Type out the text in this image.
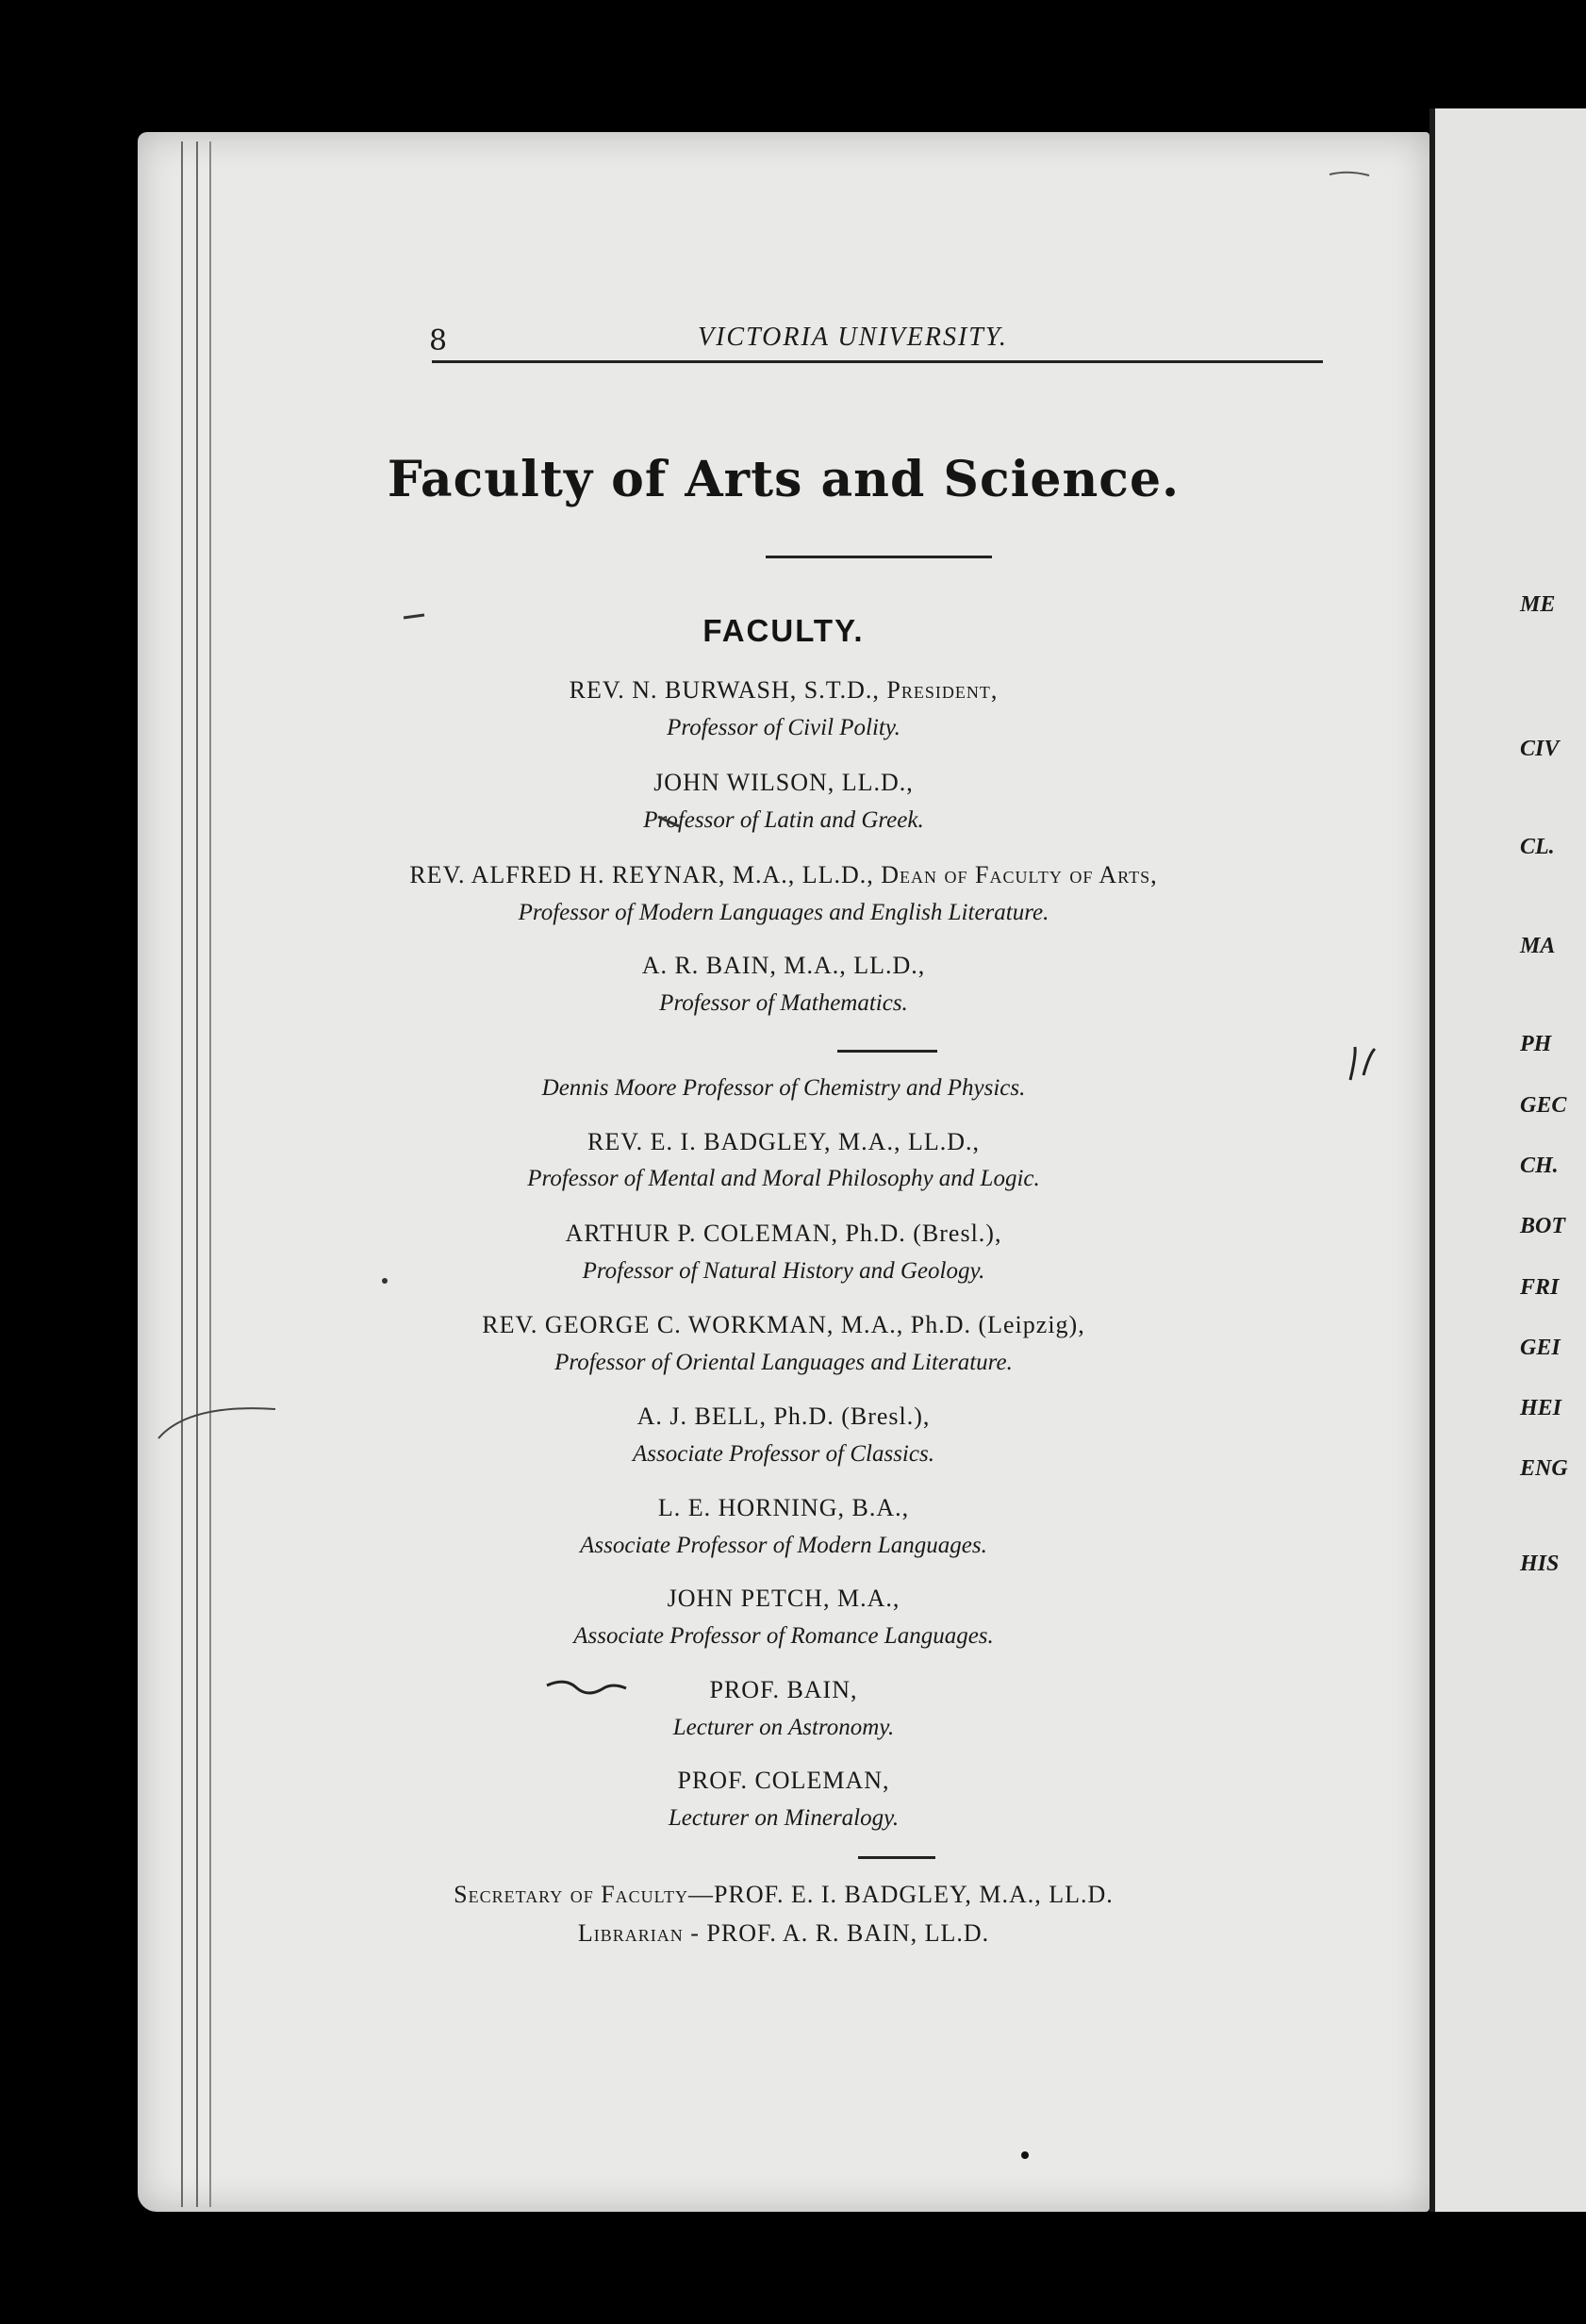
8	VICTORIA UNIVERSITY.
Faculty of Arts and Science.
FACULTY.
REV. N. BURWASH, S.T.D., President,
Professor of Civil Polity.
JOHN WILSON, LL.D.,
Professor of Latin and Greek.
REV. ALFRED H. REYNAR, M.A., LL.D., Dean of Faculty of Arts,
Professor of Modern Languages and English Literature.
A. R. BAIN, M.A., LL.D.,
Professor of Mathematics.
Dennis Moore Professor of Chemistry and Physics.
REV. E. I. BADGLEY, M.A., LL.D.,
Professor of Mental and Moral Philosophy and Logic.
ARTHUR P. COLEMAN, Ph.D. (Bresl.),
Professor of Natural History and Geology.
REV. GEORGE C. WORKMAN, M.A., Ph.D. (Leipzig),
Professor of Oriental Languages and Literature.
A. J. BELL, Ph.D. (Bresl.),
Associate Professor of Classics.
L. E. HORNING, B.A.,
Associate Professor of Modern Languages.
JOHN PETCH, M.A.,
Associate Professor of Romance Languages.
PROF. BAIN,
Lecturer on Astronomy.
PROF. COLEMAN,
Lecturer on Mineralogy.
Secretary of Faculty—PROF. E. I. BADGLEY, M.A., LL.D.
Librarian - PROF. A. R. BAIN, LL.D.
ME
CIV
CL.
MA
PH
GEC
CH.
BOT
FRI
GEI
HEI
ENG
HIS
